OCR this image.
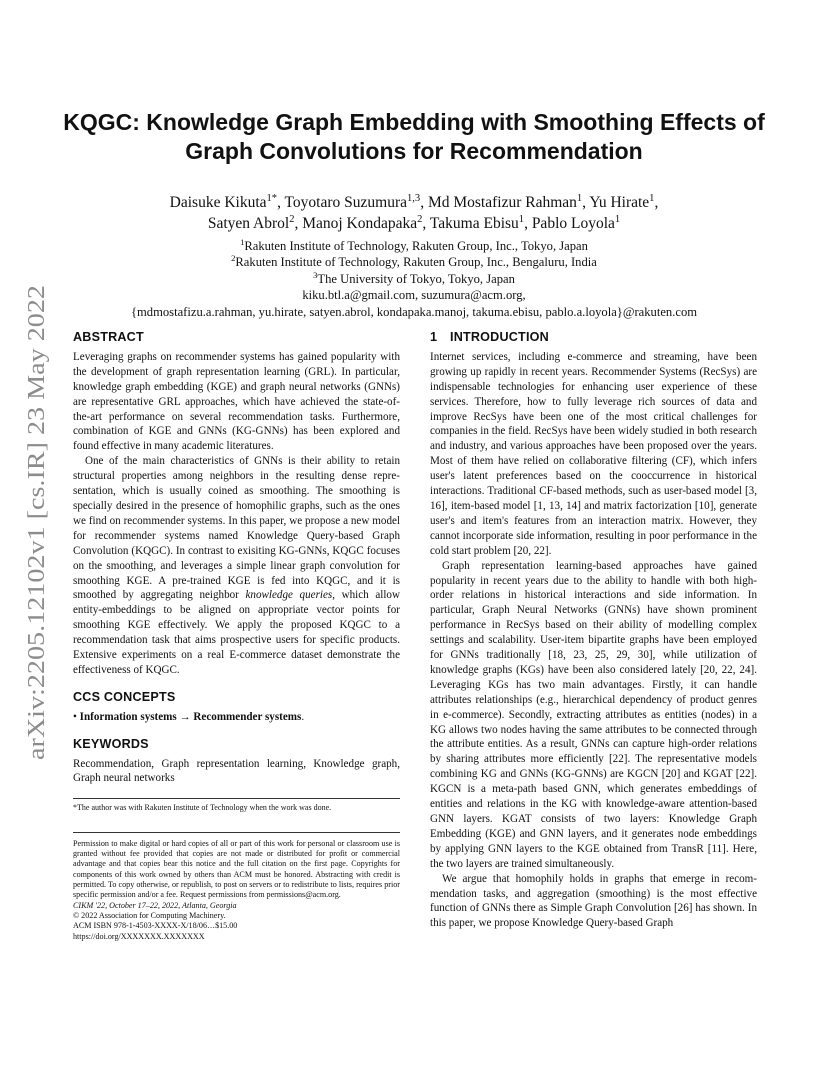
arXiv:2205.12102v1 [cs.IR] 23 May 2022
KQGC: Knowledge Graph Embedding with Smoothing Effects of
Graph Convolutions for Recommendation
Daisuke Kikuta$^{1*}$, Toyotaro Suzumura$^{1,3}$, Md Mostafizur Rahman$^1$, Yu Hirate$^1$,
Satyen Abrol$^2$, Manoj Kondapaka$^2$, Takuma Ebisu$^1$, Pablo Loyola$^1$
$^1$Rakuten Institute of Technology, Rakuten Group, Inc., Tokyo, Japan
$^2$Rakuten Institute of Technology, Rakuten Group, Inc., Bengaluru, India
$^3$The University of Tokyo, Tokyo, Japan
kiku.btl.a@gmail.com, suzumura@acm.org,
{mdmostafizu.a.rahman, yu.hirate, satyen.abrol, kondapaka.manoj, takuma.ebisu, pablo.a.loyola}@rakuten.com
ABSTRACT

Leveraging graphs on recommender systems has gained popularity with the development of graph representation learning (GRL). In particular, knowledge graph embedding (KGE) and graph neural networks (GNNs) are representative GRL approaches, which have achieved the state-of-the-art performance on several recommendation tasks. Furthermore, combination of KGE and GNNs (KG-GNNs) has been explored and found effective in many academic literatures.

One of the main characteristics of GNNs is their ability to retain structural properties among neighbors in the resulting dense representation, which is usually coined as smoothing. The smoothing is specially desired in the presence of homophilic graphs, such as the ones we find on recommender systems. In this paper, we propose a new model for recommender systems named Knowledge Query-based Graph Convolution (KQGC). In contrast to exisiting KG-GNNs, KQGC focuses on the smoothing, and leverages a simple linear graph convolution for smoothing KGE. A pre-trained KGE is fed into KQGC, and it is smoothed by aggregating neighbor knowledge queries, which allow entity-embeddings to be aligned on appropriate vector points for smoothing KGE effectively. We apply the proposed KQGC to a recommendation task that aims prospective users for specific products. Extensive experiments on a real E-commerce dataset demonstrate the effectiveness of KQGC.

CCS CONCEPTS

• Information systems → Recommender systems.

KEYWORDS

Recommendation, Graph representation learning, Knowledge graph, Graph neural networks

*The author was with Rakuten Institute of Technology when the work was done.

Permission to make digital or hard copies of all or part of this work for personal or classroom use is granted without fee provided that copies are not made or distributed for profit or commercial advantage and that copies bear this notice and the full citation on the first page. Copyrights for components of this work owned by others than ACM must be honored. Abstracting with credit is permitted. To copy otherwise, or republish, to post on servers or to redistribute to lists, requires prior specific permission and/or a fee. Request permissions from permissions@acm.org.

CIKM '22, October 17–22, 2022, Atlanta, Georgia

© 2022 Association for Computing Machinery.

ACM ISBN 978-1-4503-XXXX-X/18/06…$15.00

https://doi.org/XXXXXXX.XXXXXXX

1 INTRODUCTION

Internet services, including e-commerce and streaming, have been growing up rapidly in recent years. Recommender Systems (RecSys) are indispensable technologies for enhancing user experience of these services. Therefore, how to fully leverage rich sources of data and improve RecSys have been one of the most critical challenges for companies in the field. RecSys have been widely studied in both research and industry, and various approaches have been proposed over the years. Most of them have relied on collaborative filtering (CF), which infers user's latent preferences based on the cooccurrence in historical interactions. Traditional CF-based methods, such as user-based model [3, 16], item-based model [1, 13, 14] and matrix factorization [10], generate user's and item's features from an interaction matrix. However, they cannot incorporate side information, resulting in poor performance in the cold start problem [20, 22].

Graph representation learning-based approaches have gained popularity in recent years due to the ability to handle with both high-order relations in historical interactions and side information. In particular, Graph Neural Networks (GNNs) have shown prominent performance in RecSys based on their ability of modelling complex settings and scalability. User-item bipartite graphs have been employed for GNNs traditionally [18, 23, 25, 29, 30], while utilization of knowledge graphs (KGs) have been also considered lately [20, 22, 24]. Leveraging KGs has two main advantages. Firstly, it can handle attributes relationships (e.g., hierarchical dependency of product genres in e-commerce). Secondly, extracting attributes as entities (nodes) in a KG allows two nodes having the same attributes to be connected through the attribute entities. As a result, GNNs can capture high-order relations by sharing attributes more efficiently [22]. The representative models combining KG and GNNs (KG-GNNs) are KGCN [20] and KGAT [22]. KGCN is a meta-path based GNN, which generates embeddings of entities and relations in the KG with knowledge-aware attention-based GNN layers. KGAT consists of two layers: Knowledge Graph Embedding (KGE) and GNN layers, and it generates node embeddings by applying GNN layers to the KGE obtained from TransR [11]. Here, the two layers are trained simultaneously.

We argue that homophily holds in graphs that emerge in recommendation tasks, and aggregation (smoothing) is the most effective function of GNNs there as Simple Graph Convolution [26] has shown. In this paper, we propose Knowledge Query-based Graph
